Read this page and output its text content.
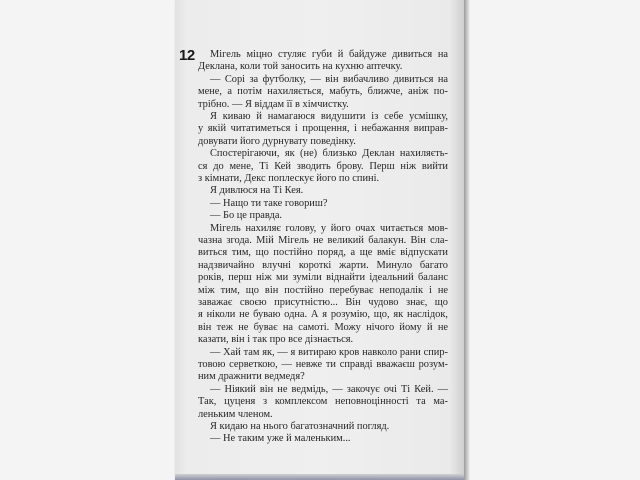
12 Мігель міцно стуляє губи й байдуже дивиться на
Деклана, коли той заносить на кухню аптечку.
— Сорі за футболку, — він вибачливо дивиться на
мене, а потім нахиляється, мабуть, ближче, аніж по-
трібно. — Я віддам її в хімчистку.
Я киваю й намагаюся видушити із себе усмішку,
у якій читатиметься і прощення, і небажання виправ-
довувати його дурнувату поведінку.
Спостерігаючи, як (не) близько Деклан нахиляєть-
ся до мене, Ті Кей зводить брову. Перш ніж вийти
з кімнати, Декс поплескує його по спині.
Я дивлюся на Ті Кея.
— Нащо ти таке говориш?
— Бо це правда.
Мігель нахиляє голову, у його очах читається мов-
чазна згода. Мій Мігель не великий балакун. Він сла-
виться тим, що постійно поряд, а ще вміє відпускати
надзвичайно влучні короткі жарти. Минуло багато
років, перш ніж ми зуміли віднайти ідеальний баланс
між тим, що він постійно перебуває неподалік і не
заважає своєю присутністю... Він чудово знає, що
я ніколи не буваю одна. А я розумію, що, як наслідок,
він теж не буває на самоті. Можу нічого йому й не
казати, він і так про все дізнається.
— Хай там як, — я витираю кров навколо рани спир-
товою серветкою, — невже ти справді вважаєш розум-
ним дражнити ведмедя?
— Ніякий він не ведмідь, — закочує очі Ті Кей. —
Так, цуценя з комплексом неповноцінності та ма-
леньким членом.
Я кидаю на нього багатозначний погляд.
— Не таким уже й маленьким...
